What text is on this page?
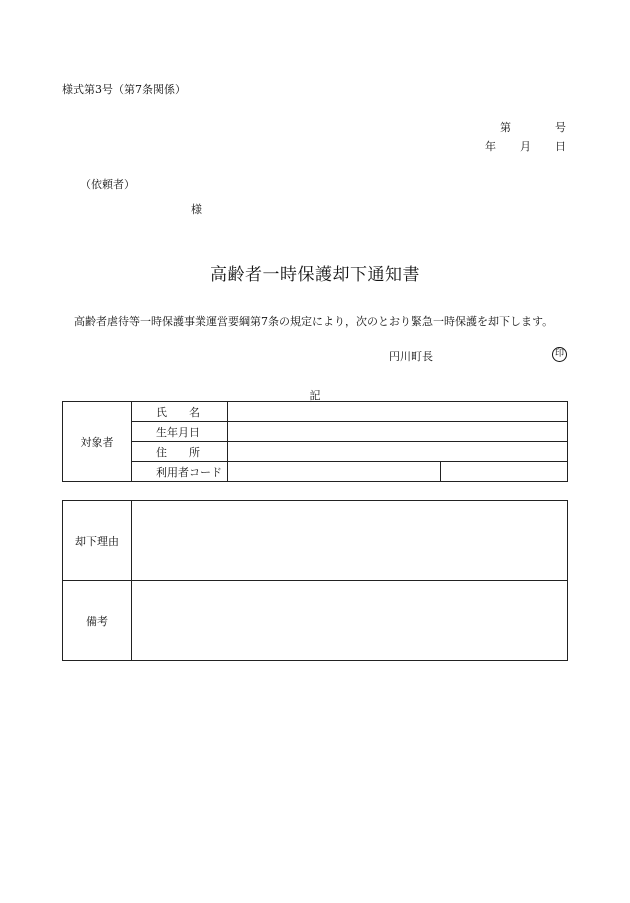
様式第3号（第7条関係）
第	号
年 月 日
（依頼者）
様
高齢者一時保護却下通知書
高齢者虐待等一時保護事業運営要綱第7条の規定により，次のとおり緊急一時保護を却下します。
円川町長	印
記
対象者	氏　　名		
	生年月日		
	住　　所		
	利用者コード		
却下理由	
備考	
